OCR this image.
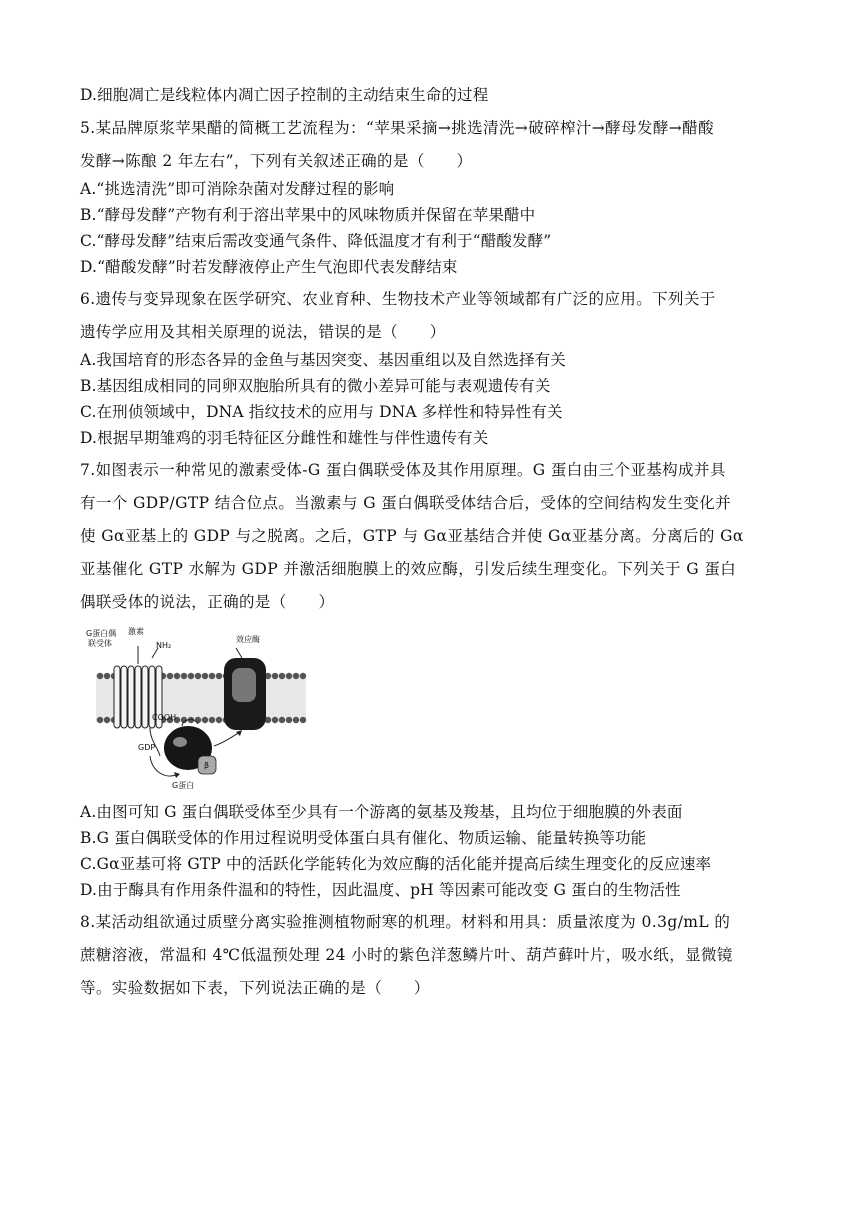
D.细胞凋亡是线粒体内凋亡因子控制的主动结束生命的过程
5.某品牌原浆苹果醋的简概工艺流程为：“苹果采摘→挑选清洗→破碎榨汁→酵母发酵→醋酸
发酵→陈酿 2 年左右”，下列有关叙述正确的是（　　）
A.“挑选清洗”即可消除杂菌对发酵过程的影响
B.“酵母发酵”产物有利于溶出苹果中的风味物质并保留在苹果醋中
C.“酵母发酵”结束后需改变通气条件、降低温度才有利于“醋酸发酵”
D.“醋酸发酵”时若发酵液停止产生气泡即代表发酵结束
6.遗传与变异现象在医学研究、农业育种、生物技术产业等领域都有广泛的应用。下列关于
遗传学应用及其相关原理的说法，错误的是（　　）
A.我国培育的形态各异的金鱼与基因突变、基因重组以及自然选择有关
B.基因组成相同的同卵双胞胎所具有的微小差异可能与表观遗传有关
C.在刑侦领域中，DNA 指纹技术的应用与 DNA 多样性和特异性有关
D.根据早期雏鸡的羽毛特征区分雌性和雄性与伴性遗传有关
7.如图表示一种常见的激素受体-G 蛋白偶联受体及其作用原理。G 蛋白由三个亚基构成并具
有一个 GDP/GTP 结合位点。当激素与 G 蛋白偶联受体结合后，受体的空间结构发生变化并
使 Gα亚基上的 GDP 与之脱离。之后，GTP 与 Gα亚基结合并使 Gα亚基分离。分离后的 Gα
亚基催化 GTP 水解为 GDP 并激活细胞膜上的效应酶，引发后续生理变化。下列关于 G 蛋白
偶联受体的说法，正确的是（　　）
G蛋白偶
联受体
激素
NH₂
效应酶
COOH
GDP
G蛋白
β
A.由图可知 G 蛋白偶联受体至少具有一个游离的氨基及羧基，且均位于细胞膜的外表面
B.G 蛋白偶联受体的作用过程说明受体蛋白具有催化、物质运输、能量转换等功能
C.Gα亚基可将 GTP 中的活跃化学能转化为效应酶的活化能并提高后续生理变化的反应速率
D.由于酶具有作用条件温和的特性，因此温度、pH 等因素可能改变 G 蛋白的生物活性
8.某活动组欲通过质壁分离实验推测植物耐寒的机理。材料和用具：质量浓度为 0.3g/mL 的
蔗糖溶液，常温和 4℃低温预处理 24 小时的紫色洋葱鳞片叶、葫芦藓叶片，吸水纸，显微镜
等。实验数据如下表，下列说法正确的是（　　）
